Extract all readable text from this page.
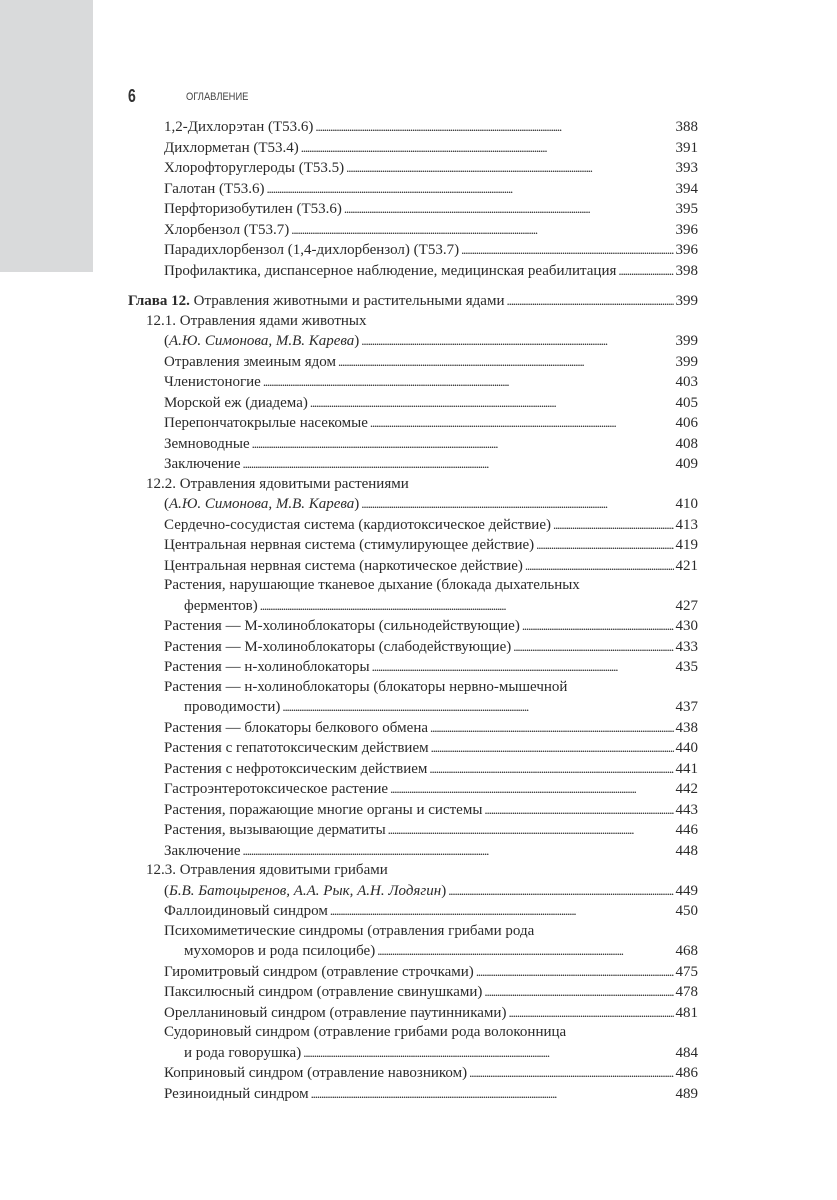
6	ОГЛАВЛЕНИЕ
1,2-Дихлорэтан (T53.6) . . .	388
Дихлорметан (T53.4) . . .	391
Хлорофторуглероды (T53.5) . . .	393
Галотан (T53.6) . . .	394
Перфторизобутилен (T53.6) . . .	395
Хлорбензол (T53.7) . . .	396
Парадихлорбензол (1,4-дихлорбензол) (T53.7) . . .	396
Профилактика, диспансерное наблюдение, медицинская реабилитация . . .	398
Глава 12. Отравления животными и растительными ядами . . .	399
12.1. Отравления ядами животных
(А.Ю. Симонова, М.В. Карева) . . .	399
Отравления змеиным ядом . . .	399
Членистоногие . . .	403
Морской еж (диадема) . . .	405
Перепончатокрылые насекомые . . .	406
Земноводные . . .	408
Заключение . . .	409
12.2. Отравления ядовитыми растениями
(А.Ю. Симонова, М.В. Карева) . . .	410
Сердечно-сосудистая система (кардиотоксическое действие) . . .	413
Центральная нервная система (стимулирующее действие) . . .	419
Центральная нервная система (наркотическое действие) . . .	421
Растения, нарушающие тканевое дыхание (блокада дыхательных
ферментов) . . .	427
Растения — М-холиноблокаторы (сильнодействующие) . . .	430
Растения — М-холиноблокаторы (слабодействующие) . . .	433
Растения — н-холиноблокаторы . . .	435
Растения — н-холиноблокаторы (блокаторы нервно-мышечной
проводимости) . . .	437
Растения — блокаторы белкового обмена . . .	438
Растения с гепатотоксическим действием . . .	440
Растения с нефротоксическим действием . . .	441
Гастроэнтеротоксическое растение . . .	442
Растения, поражающие многие органы и системы . . .	443
Растения, вызывающие дерматиты . . .	446
Заключение . . .	448
12.3. Отравления ядовитыми грибами
(Б.В. Батоцыренов, А.А. Рык, А.Н. Лодягин) . . .	449
Фаллоидиновый синдром . . .	450
Психомиметические синдромы (отравления грибами рода
мухоморов и рода псилоцибе) . . .	468
Гиромитровый синдром (отравление строчками) . . .	475
Паксилюсный синдром (отравление свинушками) . . .	478
Орелланиновый синдром (отравление паутинниками) . . .	481
Судориновый синдром (отравление грибами рода волоконница
и рода говорушка) . . .	484
Коприновый синдром (отравление навозником) . . .	486
Резиноидный синдром . . .	489
